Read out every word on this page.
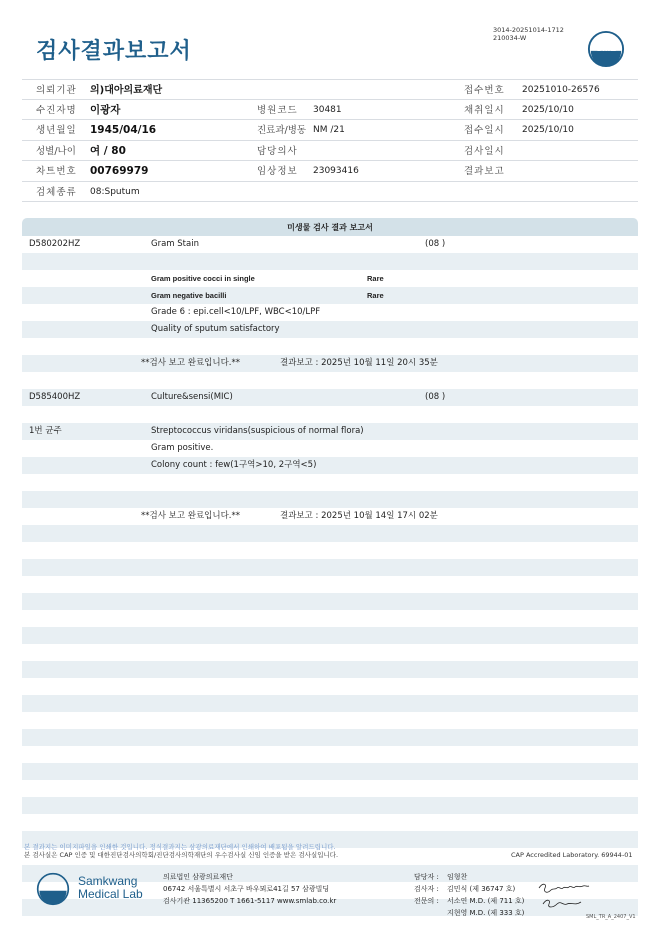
3014-20251014-1712
210034-W
검사결과보고서	SML
의뢰기관 의)대아의료재단	접수번호 20251010-26576
수진자명 이광자	병원코드 30481	채취일시 2025/10/10
생년월일 1945/04/16	진료과/병동 NM /21	접수일시 2025/10/10
성별/나이 여 / 80	담당의사	검사일시
차트번호 00769979	임상정보 23093416	결과보고
검체종류 08:Sputum
미생물 검사 결과 보고서
D580202HZ	Gram Stain	(08 )
Gram positive cocci in single	Rare
Gram negative bacilli	Rare
Grade 6 : epi.cell<10/LPF, WBC<10/LPF
Quality of sputum satisfactory
**검사 보고 완료입니다.**	결과보고 : 2025년 10월 11일 20시 35분
D585400HZ	Culture&sensi(MIC)	(08 )
1번 균주	Streptococcus viridans(suspicious of normal flora)
Gram positive.
Colony count : few(1구역>10, 2구역<5)
**검사 보고 완료입니다.**	결과보고 : 2025년 10월 14일 17시 02분
본 결과지는 이미지파일을 인쇄한 것입니다. 정식결과지는 삼광의료재단에서 인쇄하여 배포됨을 알려드립니다.
본 검사실은 CAP 인증 및 대한진단검사의학회/진단검사의학재단의 우수검사실 신임 인증을 받은 검사실입니다.	CAP Accredited Laboratory. 69944-01
SML Samkwang
Medical Lab
의료법인 삼광의료재단
06742 서울특별시 서초구 바우뫼로41길 57 삼광빌딩
검사기관 11365200 T 1661-5117 www.smlab.co.kr
담당자 : 임형찬
검사자 : 김민식 (제 36747 호)
전문의 : 서소연 M.D. (제 711 호)
지현영 M.D. (제 333 호)	SML_TR_A_2407_V1
